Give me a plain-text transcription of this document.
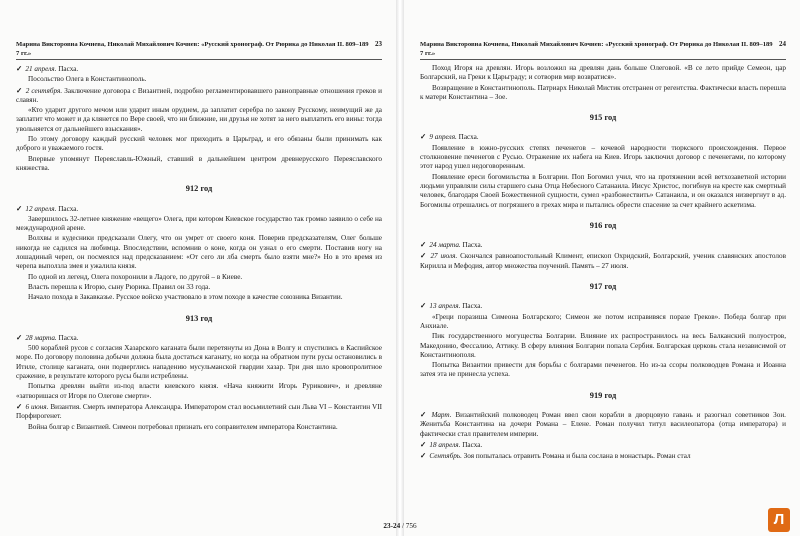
Марина Викторовна Кочнева, Николай Михайлович Кочнев: «Русский хронограф. От Рюрика до Николая II. 809–189 23

7 гг.»

✓ 21 апреля. Пасха.

Посольство Олега в Константинополь.

✓ 2 сентября. Заключение договора с Византией, подробно регламентировавшего равноправные отношения греков и славян.

«Кто ударит другого мечом или ударит иным орудием, да заплатит серебра по закону Русскому, неимущий же да заплатит что может и да клянется по Вере своей, что ни ближние, ни друзья не хотят за него выплатить его вины: тогда увольняется от дальнейшего взыскания».

По этому договору каждый русский человек мог приходить в Царьград, и его обязаны были принимать как доброго и уважаемого гостя.

Впервые упомянут Переяславль-Южный, ставший в дальнейшем центром древнерусского Переяславского княжества.

912 год

✓ 12 апреля. Пасха.

Завершилось 32-летнее княжение «вещего» Олега, при котором Киевское государство так громко заявило о себе на международной арене.

Волхвы и кудесники предсказали Олегу, что он умрет от своего коня. Поверив предсказателям, Олег больше никогда не садился на любимца. Впоследствии, вспомнив о коне, когда он узнал о его смерти. Поставив ногу на лошадиный череп, он посмеялся над предсказанием: «От сего ли лба смерть было взяти мне?» Но в это время из черепа выползла змея и ужалила князя.

По одной из легенд, Олега похоронили в Ладоге, по другой – в Киеве.

Власть перешла к Игорю, сыну Рюрика. Правил он 33 года.

Начало похода в Закавказье. Русское войско участвовало в этом походе в качестве союзника Византии.

913 год

✓ 28 марта. Пасха.

500 кораблей русов с согласия Хазарского каганата были перетянуты из Дона в Волгу и спустились в Каспийское море. По договору половина добычи должна была достаться каганату, но когда на обратном пути русы остановились в Итиле, столице каганата, они подверглись нападению мусульманской гвардии хазар. Три дня шло кровопролитное сражение, в результате которого русы были истреблены.

Попытка древлян выйти из-под власти киевского князя. «Нача княжити Игорь Рурикович», и древляне «затворишася от Игоря по Олегове смерти».

✓ 6 июня. Византия. Смерть императора Александра. Императором стал восьмилетний сын Льва VI – Константин VII Порфирогенет.

Война болгар с Византией. Симеон потребовал признать его соправителем императора Константина.

Марина Викторовна Кочнева, Николай Михайлович Кочнев: «Русский хронограф. От Рюрика до Николая II. 809–189 24

7 гг.»

Поход Игоря на древлян. Игорь возложил на древлян дань больше Олеговой. «В се лето прийде Семеон, цар Болгарский, на Греки к Царьграду; и сотворив мир возвратися».

Возвращение в Константинополь. Патриарх Николай Мистик отстранен от регентства. Фактически власть перешла к матери Константина – Зое.

915 год

✓ 9 апреля. Пасха.

Появление в южно-русских степях печенегов – кочевой народности тюркского происхождения. Первое столкновение печенегов с Русью. Отражение их набега на Киев. Игорь заключил договор с печенегами, по которому этот народ ушел недоговоренным.

Появление ереси богомильства в Болгарии. Поп Богомил учил, что на протяжении всей ветхозаветной истории людьми управляли силы старшего сына Отца Небесного Сатанаила. Иисус Христос, погибнув на кресте как смертный человек, благодаря Своей Божественной сущности, сумел «разбожествить» Сатанаила, и он оказался низвергнут в ад. Богомилы отрешались от погрязшего в грехах мира и пытались обрести спасение за счет крайнего аскетизма.

916 год

✓ 24 марта. Пасха.

✓ 27 июля. Скончался равноапостольный Климент, епископ Охридский, Болгарский, ученик славянских апостолов Кирилла и Мефодия, автор множества поучений. Память – 27 июля.

917 год

✓ 13 апреля. Пасха.

«Греци поразиша Симеона Болгарского; Симеон же потом исправивяся поразе Греков». Победа болгар при Анхиале.

Пик государственного могущества Болгарии. Влияние их распространилось на весь Балканский полуостров, Македонию, Фессалию, Аттику. В сферу влияния Болгарии попала Сербия. Болгарская церковь стала независимой от Константинополя.

Попытка Византии привести для борьбы с болгарами печенегов. Но из-за ссоры полководцев Романа и Иоанна затея эта не принесла успеха.

919 год

✓ Март. Византийский полководец Роман ввел свои корабли в дворцовую гавань и разогнал советников Зои. Женитьба Константина на дочери Романа – Елене. Роман получил титул василеопатора (отца императора) и фактически стал правителем империи.

✓ 18 апреля. Пасха.

✓ Сентябрь. Зоя попыталась отравить Романа и была сослана в монастырь. Роман стал

23-24 / 756	Л
